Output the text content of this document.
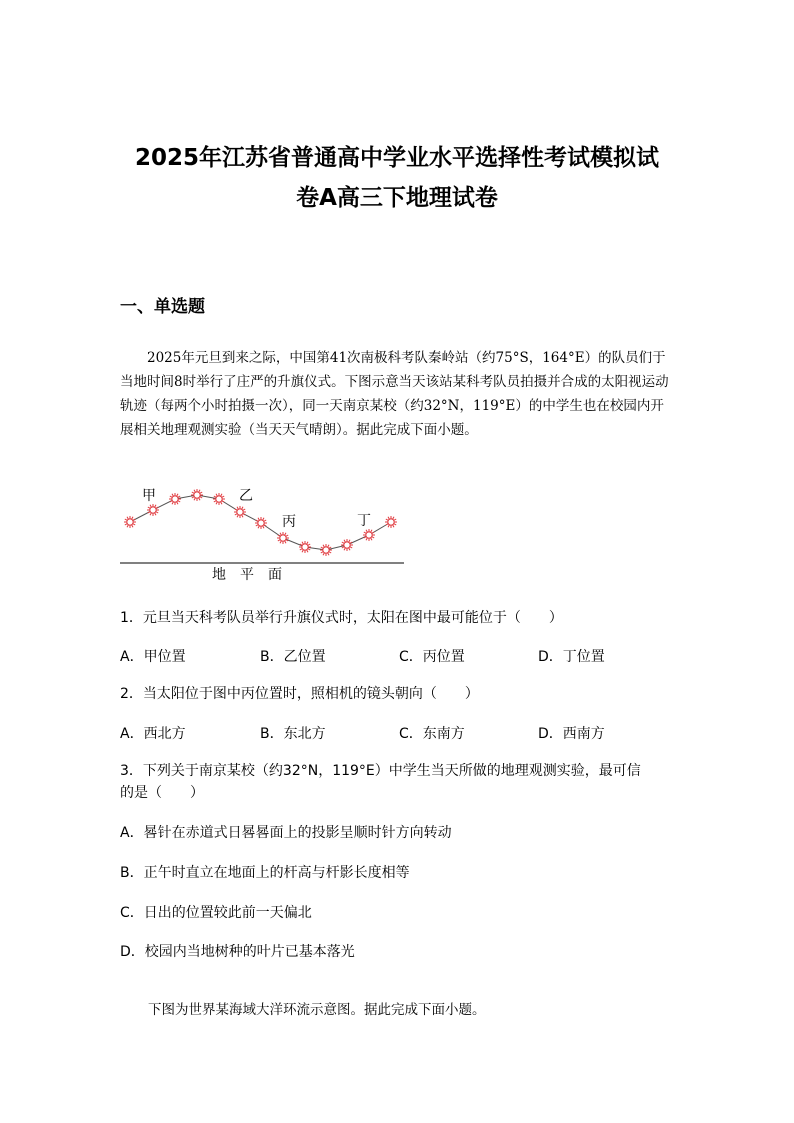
2025年江苏省普通高中学业水平选择性考试模拟试
卷A高三下地理试卷
一、单选题

2025年元旦到来之际，中国第41次南极科考队秦岭站（约75°S，164°E）的队员们于当地时间8时举行了庄严的升旗仪式。下图示意当天该站某科考队员拍摄并合成的太阳视运动轨迹（每两个小时拍摄一次），同一天南京某校（约32°N，119°E）的中学生也在校园内开展相关地理观测实验（当天天气晴朗）。据此完成下面小题。

甲	乙
丙	丁
地　平　面

1．元旦当天科考队员举行升旗仪式时，太阳在图中最可能位于（　　）

A．甲位置	B．乙位置	C．丙位置	D．丁位置

2．当太阳位于图中丙位置时，照相机的镜头朝向（　　）

A．西北方	B．东北方	C．东南方	D．西南方

3．下列关于南京某校（约32°N，119°E）中学生当天所做的地理观测实验，最可信的是（　　）

A．晷针在赤道式日晷晷面上的投影呈顺时针方向转动

B．正午时直立在地面上的杆高与杆影长度相等

C．日出的位置较此前一天偏北

D．校园内当地树种的叶片已基本落光

下图为世界某海域大洋环流示意图。据此完成下面小题。
